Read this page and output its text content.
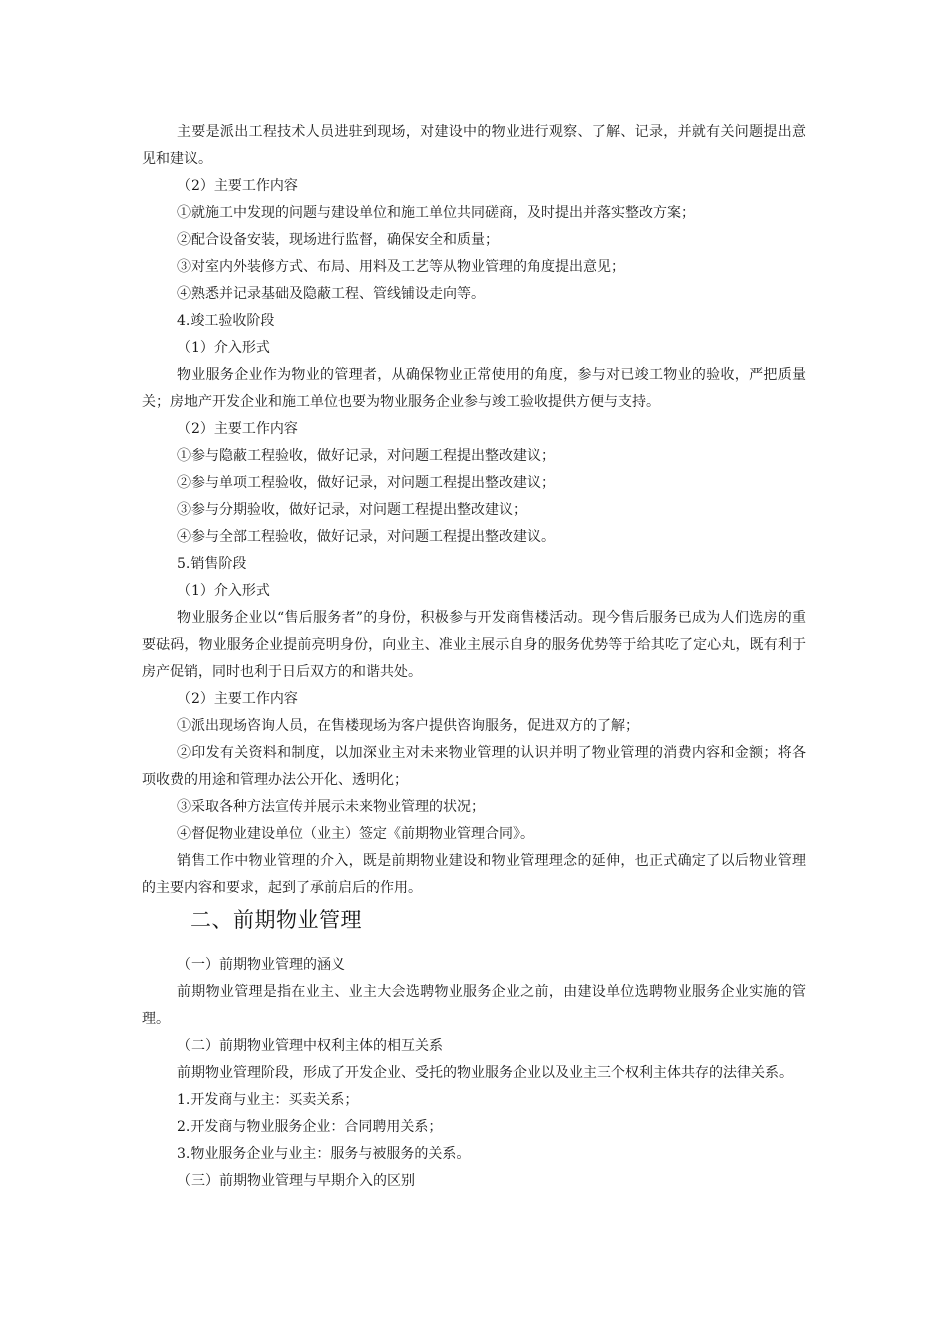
主要是派出工程技术人员进驻到现场，对建设中的物业进行观察、了解、记录，并就有关问题提出意见和建议。

（2）主要工作内容

①就施工中发现的问题与建设单位和施工单位共同磋商，及时提出并落实整改方案；

②配合设备安装，现场进行监督，确保安全和质量；

③对室内外装修方式、布局、用料及工艺等从物业管理的角度提出意见；

④熟悉并记录基础及隐蔽工程、管线铺设走向等。

4.竣工验收阶段

（1）介入形式

物业服务企业作为物业的管理者，从确保物业正常使用的角度，参与对已竣工物业的验收，严把质量关；房地产开发企业和施工单位也要为物业服务企业参与竣工验收提供方便与支持。

（2）主要工作内容

①参与隐蔽工程验收，做好记录，对问题工程提出整改建议；

②参与单项工程验收，做好记录，对问题工程提出整改建议；

③参与分期验收，做好记录，对问题工程提出整改建议；

④参与全部工程验收，做好记录，对问题工程提出整改建议。

5.销售阶段

（1）介入形式

物业服务企业以“售后服务者”的身份，积极参与开发商售楼活动。现今售后服务已成为人们选房的重要砝码，物业服务企业提前亮明身份，向业主、准业主展示自身的服务优势等于给其吃了定心丸，既有利于房产促销，同时也利于日后双方的和谐共处。

（2）主要工作内容

①派出现场咨询人员，在售楼现场为客户提供咨询服务，促进双方的了解；

②印发有关资料和制度，以加深业主对未来物业管理的认识并明了物业管理的消费内容和金额；将各项收费的用途和管理办法公开化、透明化；

③采取各种方法宣传并展示未来物业管理的状况；

④督促物业建设单位（业主）签定《前期物业管理合同》。

销售工作中物业管理的介入，既是前期物业建设和物业管理理念的延伸，也正式确定了以后物业管理的主要内容和要求，起到了承前启后的作用。

二、前期物业管理

（一）前期物业管理的涵义

前期物业管理是指在业主、业主大会选聘物业服务企业之前，由建设单位选聘物业服务企业实施的管理。

（二）前期物业管理中权利主体的相互关系

前期物业管理阶段，形成了开发企业、受托的物业服务企业以及业主三个权利主体共存的法律关系。

1.开发商与业主：买卖关系；

2.开发商与物业服务企业：合同聘用关系；

3.物业服务企业与业主：服务与被服务的关系。

（三）前期物业管理与早期介入的区别
